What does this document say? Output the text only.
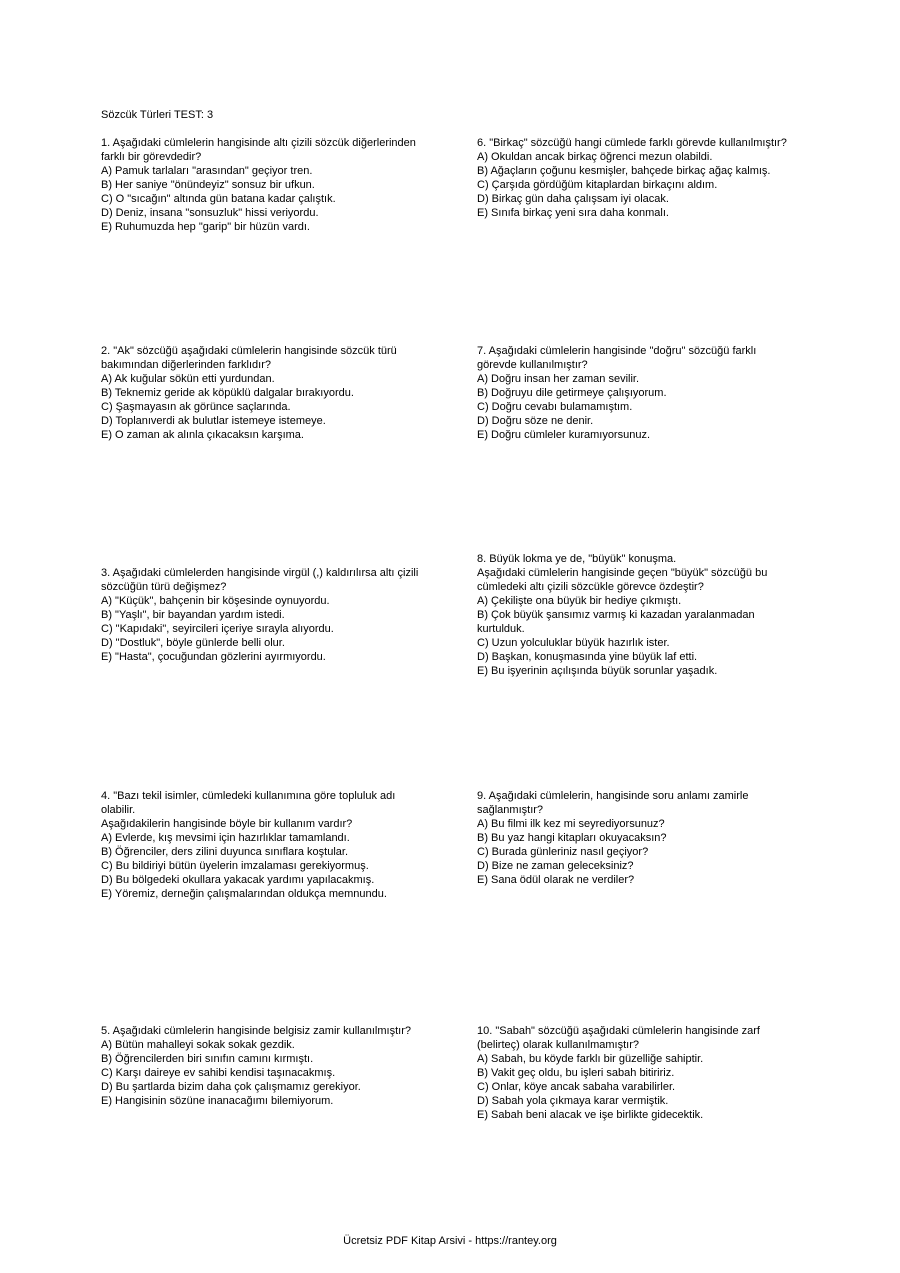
Sözcük Türleri TEST: 3

1. Aşağıdaki cümlelerin hangisinde altı çizili sözcük diğerlerinden farklı bir görevdedir?

A) Pamuk tarlaları "arasından" geçiyor tren.
B) Her saniye "önündeyiz" sonsuz bir ufkun.
C) O "sıcağın" altında gün batana kadar çalıştık.
D) Deniz, insana "sonsuzluk" hissi veriyordu.
E) Ruhumuzda hep "garip" bir hüzün vardı.

2. "Ak" sözcüğü aşağıdaki cümlelerin hangisinde sözcük türü bakımından diğerlerinden farklıdır?

A) Ak kuğular sökün etti yurdundan.
B) Teknemiz geride ak köpüklü dalgalar bırakıyordu.
C) Şaşmayasın ak görünce saçlarında.
D) Toplanıverdi ak bulutlar istemeye istemeye.
E) O zaman ak alınla çıkacaksın karşıma.

3. Aşağıdaki cümlelerden hangisinde virgül (,) kaldırılırsa altı çizili sözcüğün türü değişmez?

A) "Küçük", bahçenin bir köşesinde oynuyordu.
B) "Yaşlı", bir bayandan yardım istedi.
C) "Kapıdaki", seyircileri içeriye sırayla alıyordu.
D) "Dostluk", böyle günlerde belli olur.
E) "Hasta", çocuğundan gözlerini ayırmıyordu.

4. "Bazı tekil isimler, cümledeki kullanımına göre topluluk adı olabilir.

Aşağıdakilerin hangisinde böyle bir kullanım vardır?

A) Evlerde, kış mevsimi için hazırlıklar tamamlandı.
B) Öğrenciler, ders zilini duyunca sınıflara koştular.
C) Bu bildiriyi bütün üyelerin imzalaması gerekiyormuş.
D) Bu bölgedeki okullara yakacak yardımı yapılacakmış.
E) Yöremiz, derneğin çalışmalarından oldukça memnundu.

5. Aşağıdaki cümlelerin hangisinde belgisiz zamir kullanılmıştır?

A) Bütün mahalleyi sokak sokak gezdik.
B) Öğrencilerden biri sınıfın camını kırmıştı.
C) Karşı daireye ev sahibi kendisi taşınacakmış.
D) Bu şartlarda bizim daha çok çalışmamız gerekiyor.
E) Hangisinin sözüne inanacağımı bilemiyorum.

6. "Birkaç" sözcüğü hangi cümlede farklı görevde kullanılmıştır?

A) Okuldan ancak birkaç öğrenci mezun olabildi.
B) Ağaçların çoğunu kesmişler, bahçede birkaç ağaç kalmış.
C) Çarşıda gördüğüm kitaplardan birkaçını aldım.
D) Birkaç gün daha çalışsam iyi olacak.
E) Sınıfa birkaç yeni sıra daha konmalı.

7. Aşağıdaki cümlelerin hangisinde "doğru" sözcüğü farklı görevde kullanılmıştır?

A) Doğru insan her zaman sevilir.
B) Doğruyu dile getirmeye çalışıyorum.
C) Doğru cevabı bulamamıştım.
D) Doğru söze ne denir.
E) Doğru cümleler kuramıyorsunuz.

8. Büyük lokma ye de, "büyük" konuşma.

Aşağıdaki cümlelerin hangisinde geçen "büyük" sözcüğü bu cümledeki altı çizili sözcükle görevce özdeştir?

A) Çekilişte ona büyük bir hediye çıkmıştı.
B) Çok büyük şansımız varmış ki kazadan yaralanmadan kurtulduk.
C) Uzun yolculuklar büyük hazırlık ister.
D) Başkan, konuşmasında yine büyük laf etti.
E) Bu işyerinin açılışında büyük sorunlar yaşadık.

9. Aşağıdaki cümlelerin, hangisinde soru anlamı zamirle sağlanmıştır?

A) Bu filmi ilk kez mi seyrediyorsunuz?
B) Bu yaz hangi kitapları okuyacaksın?
C) Burada günleriniz nasıl geçiyor?
D) Bize ne zaman geleceksiniz?
E) Sana ödül olarak ne verdiler?

10. "Sabah" sözcüğü aşağıdaki cümlelerin hangisinde zarf (belirteç) olarak kullanılmamıştır?

A) Sabah, bu köyde farklı bir güzelliğe sahiptir.
B) Vakit geç oldu, bu işleri sabah bitiririz.
C) Onlar, köye ancak sabaha varabilirler.
D) Sabah yola çıkmaya karar vermiştik.
E) Sabah beni alacak ve işe birlikte gidecektik.
Ücretsiz PDF Kitap Arsivi - https://rantey.org
